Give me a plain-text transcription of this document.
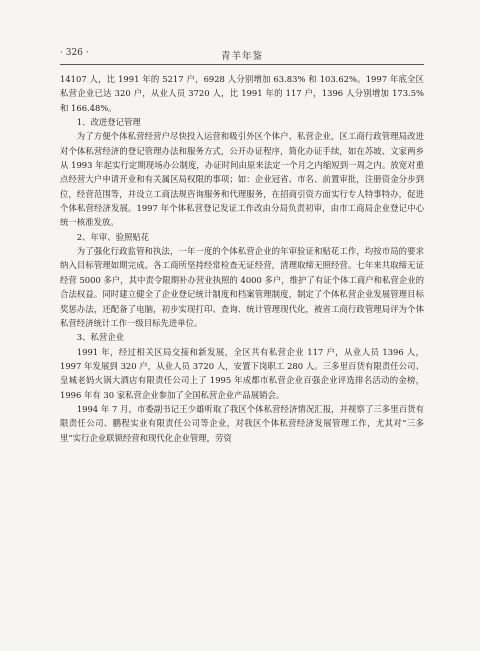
· 326 ·	青羊年鉴

14107 人，比 1991 年的 5217 户，6928 人分别增加 63.83% 和 103.62%。1997 年底全区私营企业已达 320 户，从业人员 3720 人，比 1991 年的 117 户，1396 人分别增加 173.5% 和 166.48%。

1、改进登记管理

为了方便个体私营经营户尽快投入运营和吸引外区个体户、私营企业，区工商行政管理局改进对个体私营经济的登记管理办法和服务方式，公开办证程序，简化办证手续，如在苏坡、文家两乡从 1993 年起实行定期现场办公制度，办证时间由原来法定一个月之内缩短到一周之内。放宽对重点经营大户申请开业和有关属区局权限的事项；如：企业冠省、市名、前置审批，注册资金分步到位，经营范围等，并设立工商法规咨询服务和代理服务，在招商引资方面实行专人特事特办，促进个体私营经济发展。1997 年个体私营登记发证工作改由分局负责初审，由市工商局企业登记中心统一核准发放。

2、年审、验照贴花

为了强化行政监管和执法，一年一度的个体私营企业的年审验证和贴花工作，均按市局的要求纳入目标管理如期完成。各工商所坚持经常检查无证经营，清理取缔无照经营。七年来共取缔无证经营 5000 多户，其中责令限期补办营业执照的 4000 多户，维护了有证个体工商户和私营企业的合法权益。同时建立健全了企业登记统计制度和档案管理制度，制定了个体私营企业发展管理目标奖惩办法，还配备了电脑，初步实现打印、查询、统计管理现代化，被省工商行政管理局评为个体私营经济统计工作一级目标先进单位。

3、私营企业

1991 年，经过相关区局交接和新发展，全区共有私营企业 117 户，从业人员 1396 人，1997 年发展到 320 户，从业人员 3720 人，安置下岗职工 280 人。三多里百货有限责任公司、皇城老妈火锅大酒店有限责任公司上了 1995 年成都市私营企业百强企业评选排名活动的金榜，1996 年有 30 家私营企业参加了全国私营企业产品展销会。

1994 年 7 月，市委副书记王少雄听取了我区个体私营经济情况汇报，并视察了三多里百货有限责任公司、鹏程实业有限责任公司等企业，对我区个体私营经济发展管理工作，尤其对“三多里”实行企业联锁经营和现代化企业管理，劳资
